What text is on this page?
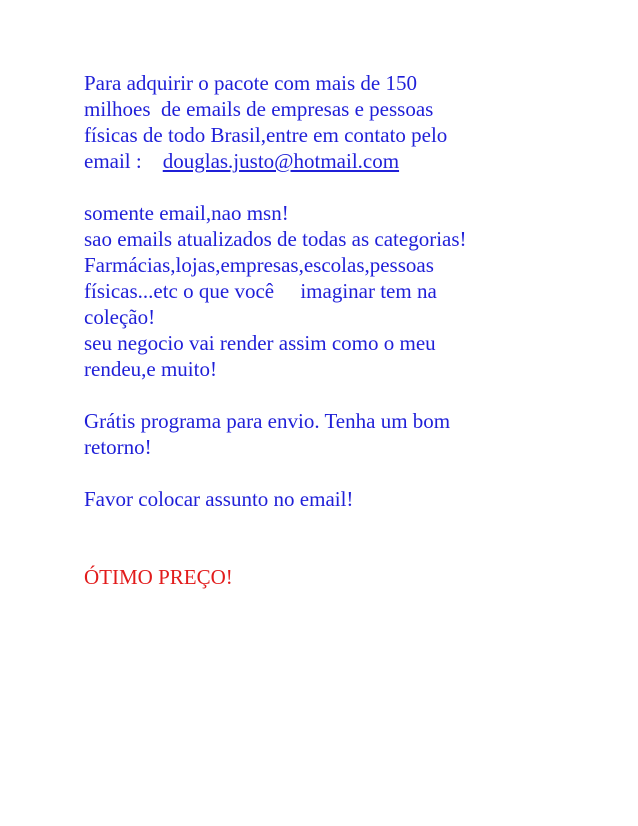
Para adquirir o pacote com mais de 150
milhoes  de emails de empresas e pessoas
físicas de todo Brasil,entre em contato pelo
email :    douglas.justo@hotmail.com
somente email,nao msn!
sao emails atualizados de todas as categorias!
Farmácias,lojas,empresas,escolas,pessoas
físicas...etc o que você     imaginar tem na
coleção!
seu negocio vai render assim como o meu
rendeu,e muito!
Grátis programa para envio. Tenha um bom
retorno!
Favor colocar assunto no email!
ÓTIMO PREÇO!
